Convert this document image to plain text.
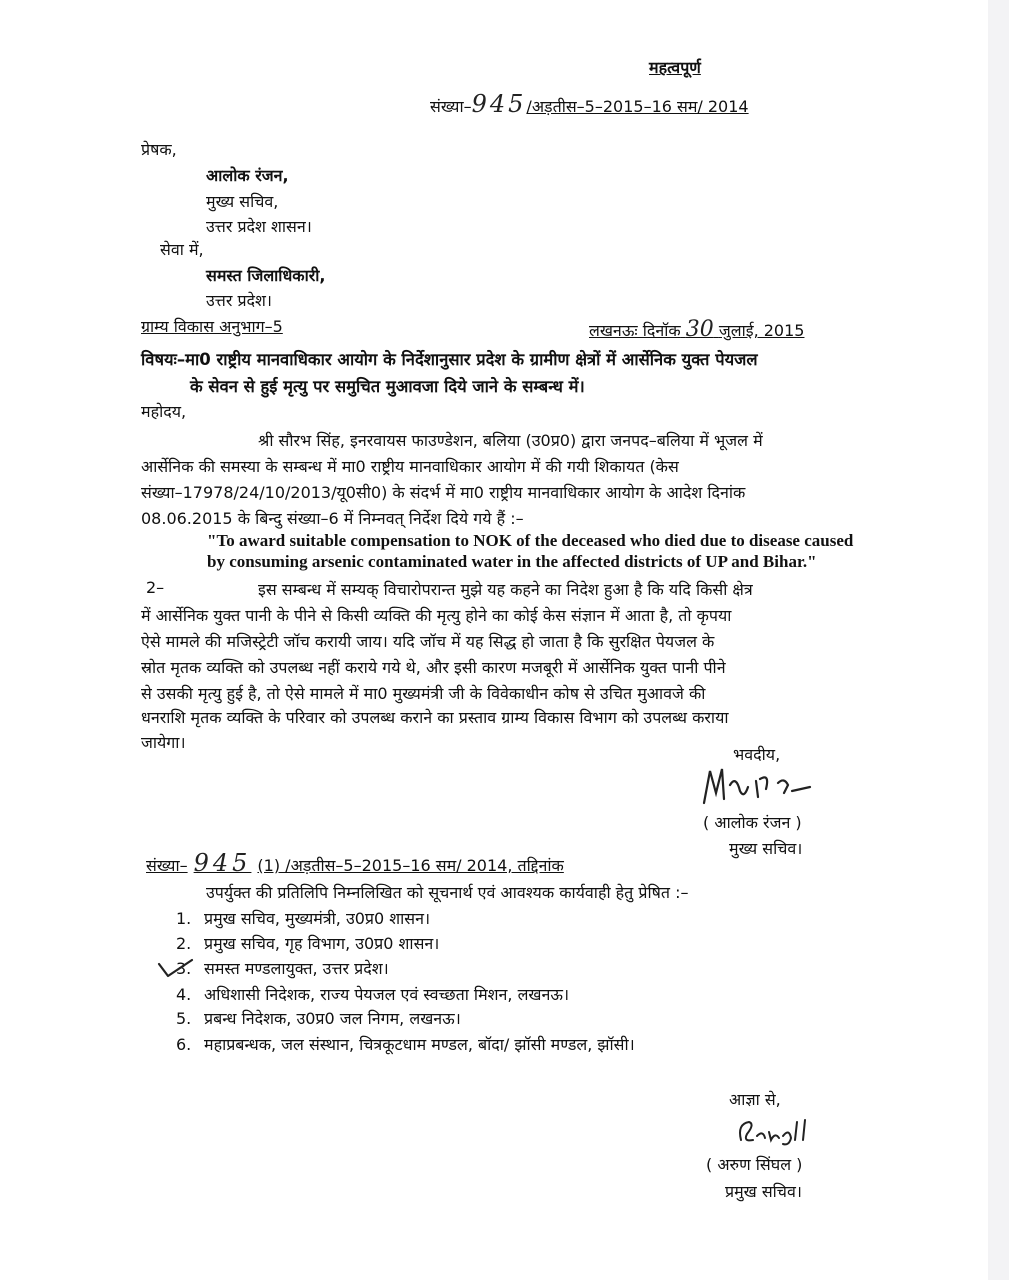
महत्वपूर्ण
संख्या–945/अड़तीस–5–2015–16 सम/ 2014
प्रेषक,
आलोक रंजन,
मुख्य सचिव,
उत्तर प्रदेश शासन।
सेवा में,
समस्त जिलाधिकारी,
उत्तर प्रदेश।
ग्राम्य विकास अनुभाग–5	लखनऊः दिनॉक 30 जुलाई, 2015
विषयः–मा0 राष्ट्रीय मानवाधिकार आयोग के निर्देशानुसार प्रदेश के ग्रामीण क्षेत्रों में आर्सेनिक युक्त पेयजल
के सेवन से हुई मृत्यु पर समुचित मुआवजा दिये जाने के सम्बन्ध में।
महोदय,
श्री सौरभ सिंह, इनरवायस फाउण्डेशन, बलिया (उ0प्र0) द्वारा जनपद–बलिया में भूजल में
आर्सेनिक की समस्या के सम्बन्ध में मा0 राष्ट्रीय मानवाधिकार आयोग में की गयी शिकायत (केस
संख्या–17978/24/10/2013/यू0सी0) के संदर्भ में मा0 राष्ट्रीय मानवाधिकार आयोग के आदेश दिनांक
08.06.2015 के बिन्दु संख्या–6 में निम्नवत् निर्देश दिये गये हैं :–
"To award suitable compensation to NOK of the deceased who died due to disease caused
by consuming arsenic contaminated water in the affected districts of UP and Bihar."
2–	इस सम्बन्ध में सम्यक् विचारोपरान्त मुझे यह कहने का निदेश हुआ है कि यदि किसी क्षेत्र
में आर्सेनिक युक्त पानी के पीने से किसी व्यक्ति की मृत्यु होने का कोई केस संज्ञान में आता है, तो कृपया
ऐसे मामले की मजिस्ट्रेटी जॉच करायी जाय। यदि जॉच में यह सिद्ध हो जाता है कि सुरक्षित पेयजल के
स्रोत मृतक व्यक्ति को उपलब्ध नहीं कराये गये थे, और इसी कारण मजबूरी में आर्सेनिक युक्त पानी पीने
से उसकी मृत्यु हुई है, तो ऐसे मामले में मा0 मुख्यमंत्री जी के विवेकाधीन कोष से उचित मुआवजे की
धनराशि मृतक व्यक्ति के परिवार को उपलब्ध कराने का प्रस्ताव ग्राम्य विकास विभाग को उपलब्ध कराया
जायेगा।
भवदीय,
( आलोक रंजन )
मुख्य सचिव।
संख्या– 945 (1) /अड़तीस–5–2015–16 सम/ 2014, तद्दिनांक
उपर्युक्त की प्रतिलिपि निम्नलिखित को सूचनार्थ एवं आवश्यक कार्यवाही हेतु प्रेषित :–
1. प्रमुख सचिव, मुख्यमंत्री, उ0प्र0 शासन।
2. प्रमुख सचिव, गृह विभाग, उ0प्र0 शासन।
3. समस्त मण्डलायुक्त, उत्तर प्रदेश।
4. अधिशासी निदेशक, राज्य पेयजल एवं स्वच्छता मिशन, लखनऊ।
5. प्रबन्ध निदेशक, उ0प्र0 जल निगम, लखनऊ।
6. महाप्रबन्धक, जल संस्थान, चित्रकूटधाम मण्डल, बॉदा/ झॉसी मण्डल, झॉसी।
आज्ञा से,
( अरुण सिंघल )
प्रमुख सचिव।
